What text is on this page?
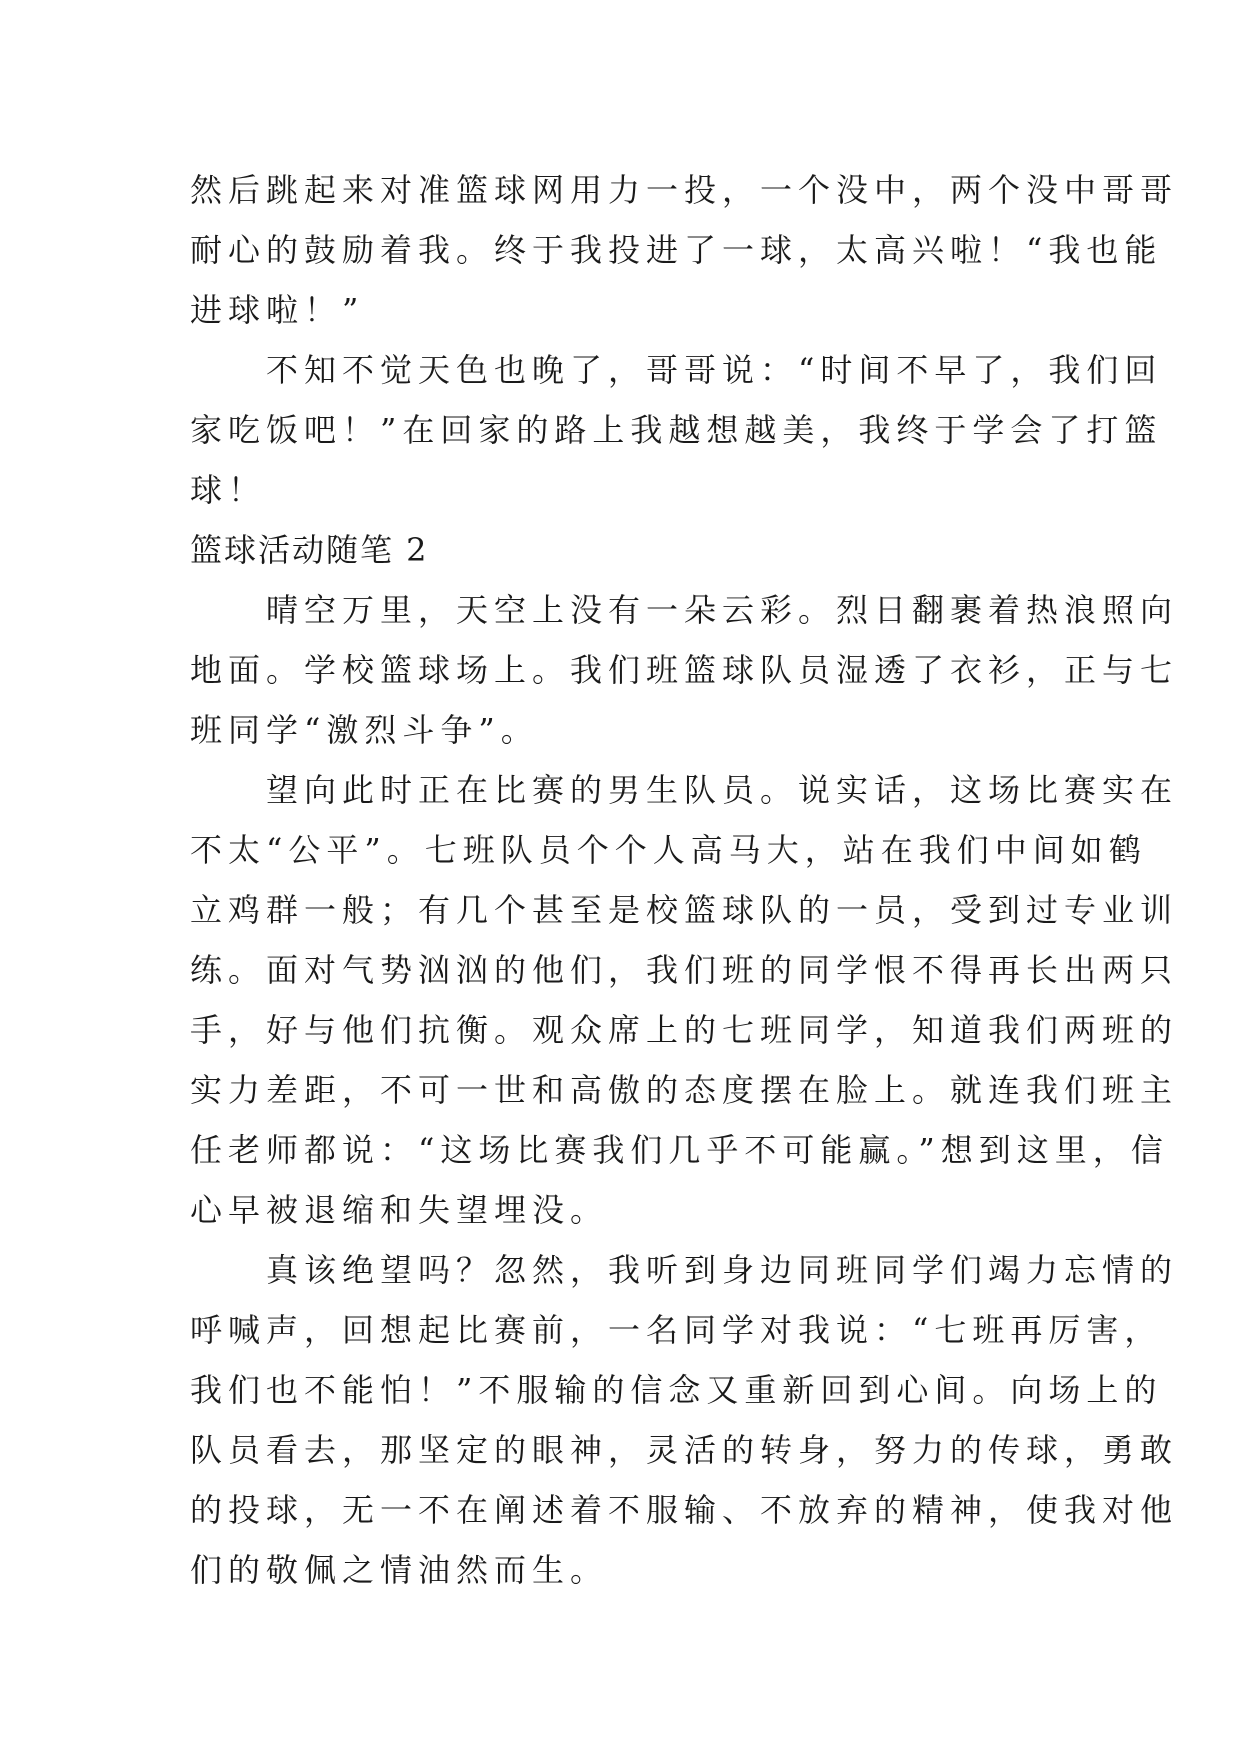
然后跳起来对准篮球网用力一投，一个没中，两个没中哥哥
耐心的鼓励着我。终于我投进了一球，太高兴啦！“我也能
进球啦！”
不知不觉天色也晚了，哥哥说：“时间不早了，我们回
家吃饭吧！”在回家的路上我越想越美，我终于学会了打篮
球！
篮球活动随笔 2
晴空万里，天空上没有一朵云彩。烈日翻裹着热浪照向
地面。学校篮球场上。我们班篮球队员湿透了衣衫，正与七
班同学“激烈斗争”。
望向此时正在比赛的男生队员。说实话，这场比赛实在
不太“公平”。七班队员个个人高马大，站在我们中间如鹤
立鸡群一般；有几个甚至是校篮球队的一员，受到过专业训
练。面对气势汹汹的他们，我们班的同学恨不得再长出两只
手，好与他们抗衡。观众席上的七班同学，知道我们两班的
实力差距，不可一世和高傲的态度摆在脸上。就连我们班主
任老师都说：“这场比赛我们几乎不可能赢。”想到这里，信
心早被退缩和失望埋没。
真该绝望吗？忽然，我听到身边同班同学们竭力忘情的
呼喊声，回想起比赛前，一名同学对我说：“七班再厉害，
我们也不能怕！”不服输的信念又重新回到心间。向场上的
队员看去，那坚定的眼神，灵活的转身，努力的传球，勇敢
的投球，无一不在阐述着不服输、不放弃的精神，使我对他
们的敬佩之情油然而生。
